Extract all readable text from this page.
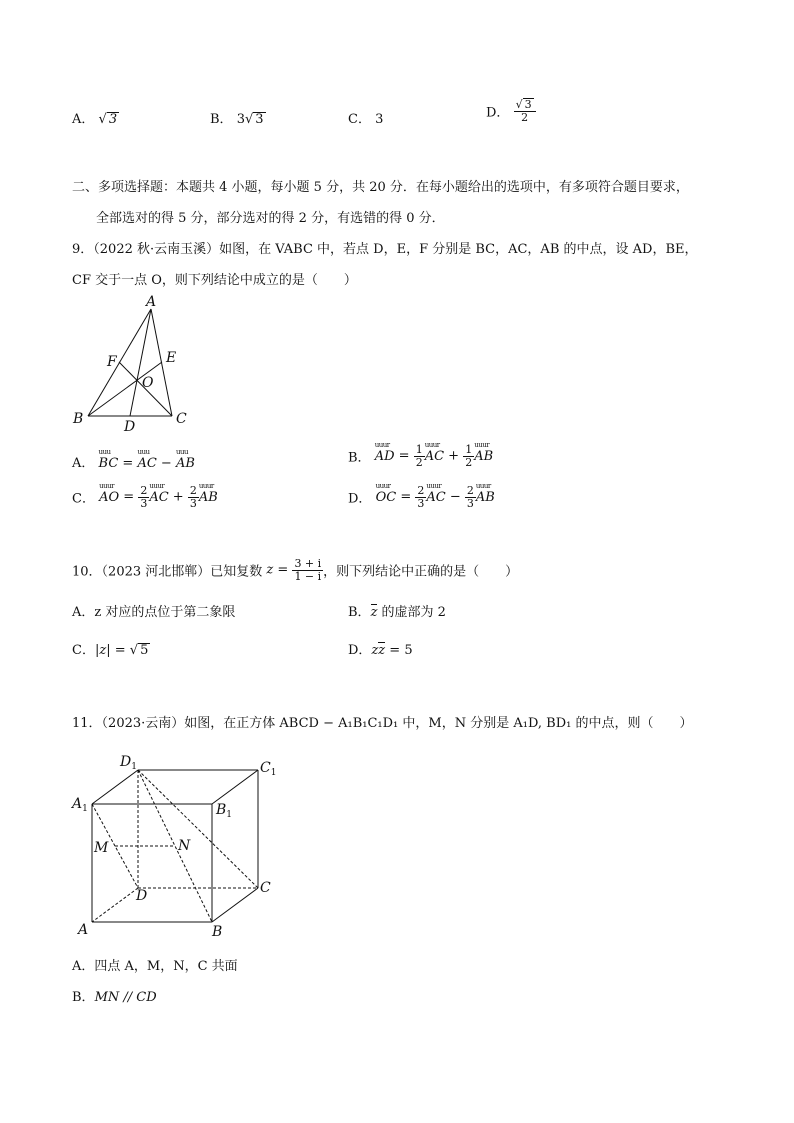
A． √ 3	B． 3√ 3	C． 3	D． $\frac{√ 3}{2}$
二、多项选择题：本题共 4 小题，每小题 5 分，共 20 分．在每小题给出的选项中，有多项符合题目要求，
全部选对的得 5 分，部分选对的得 2 分，有选错的得 0 分．
9．（2022 秋·云南玉溪）如图，在 VABC 中，若点 D，E，F 分别是 BC，AC，AB 的中点，设 AD，BE，
CF 交于一点 O，则下列结论中成立的是（　　）
A
B	C
D
E
F
O
A． uuu BC = uuu AC − uuu AB	B． uuur AD = $\frac{1}{2}$ uuur AC + $\frac{1}{2}$ uuur AB
C． uuur AO = $\frac{2}{3}$ uuur AC + $\frac{2}{3}$ uuur AB	D． uuur OC = $\frac{2}{3}$ uuur AC − $\frac{2}{3}$ uuur AB
10．（2023 河北邯郸）已知复数 $z = \frac{3 + i}{1 - i}$ ，则下列结论中正确的是（　　）
A．z 对应的点位于第二象限	B．z 的虚部为 2
C．|z| = √ 5	D．zz = 5
11．（2023·云南）如图，在正方体 ABCD − A₁B₁C₁D₁ 中，M，N 分别是 A₁D, BD₁ 的中点，则（　　）
$A_1$
$D_1$	$C_1$
$B_1$
M	N
D	C
A	B
A．四点 A，M，N，C 共面
B．MN // CD
